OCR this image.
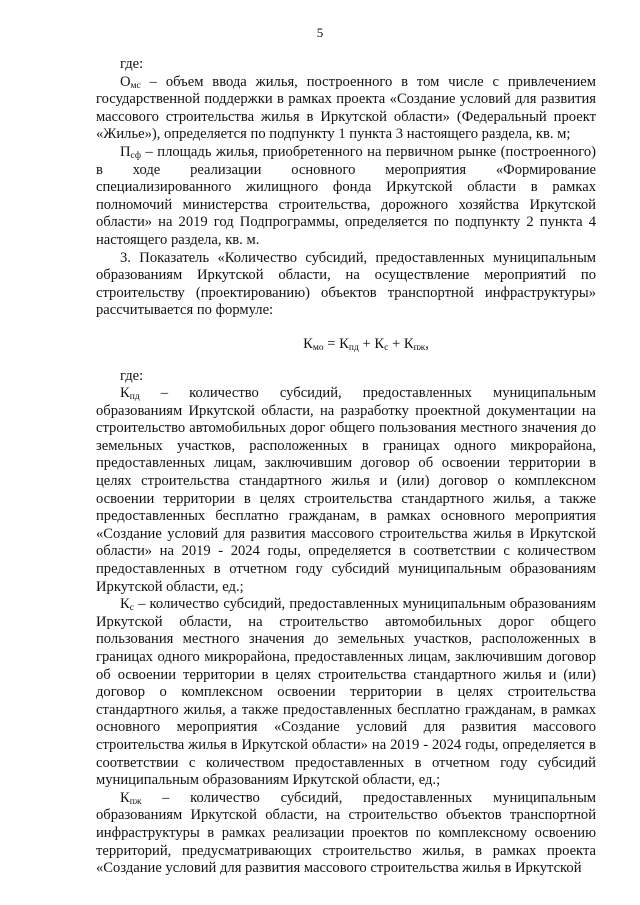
5

где:

$О_{мс}$ – объем ввода жилья, построенного в том числе с привлечением государственной поддержки в рамках проекта «Создание условий для развития массового строительства жилья в Иркутской области» (Федеральный проект «Жилье»), определяется по подпункту 1 пункта 3 настоящего раздела, кв. м;

$П_{сф}$ – площадь жилья, приобретенного на первичном рынке (построенного) в ходе реализации основного мероприятия «Формирование специализированного жилищного фонда Иркутской области в рамках полномочий министерства строительства, дорожного хозяйства Иркутской области» на 2019 год Подпрограммы, определяется по подпункту 2 пункта 4 настоящего раздела, кв. м.

3. Показатель «Количество субсидий, предоставленных муниципальным образованиям Иркутской области, на осуществление мероприятий по строительству (проектированию) объектов транспортной инфраструктуры» рассчитывается по формуле:

$К_{мо} = К_{пд} + К_с + К_{пж}$,

где:

$К_{пд}$ – количество субсидий, предоставленных муниципальным образованиям Иркутской области, на разработку проектной документации на строительство автомобильных дорог общего пользования местного значения до земельных участков, расположенных в границах одного микрорайона, предоставленных лицам, заключившим договор об освоении территории в целях строительства стандартного жилья и (или) договор о комплексном освоении территории в целях строительства стандартного жилья, а также предоставленных бесплатно гражданам, в рамках основного мероприятия «Создание условий для развития массового строительства жилья в Иркутской области» на 2019 - 2024 годы, определяется в соответствии с количеством предоставленных в отчетном году субсидий муниципальным образованиям Иркутской области, ед.;

$К_с$ – количество субсидий, предоставленных муниципальным образованиям Иркутской области, на строительство автомобильных дорог общего пользования местного значения до земельных участков, расположенных в границах одного микрорайона, предоставленных лицам, заключившим договор об освоении территории в целях строительства стандартного жилья и (или) договор о комплексном освоении территории в целях строительства стандартного жилья, а также предоставленных бесплатно гражданам, в рамках основного мероприятия «Создание условий для развития массового строительства жилья в Иркутской области» на 2019 - 2024 годы, определяется в соответствии с количеством предоставленных в отчетном году субсидий муниципальным образованиям Иркутской области, ед.;

$К_{пж}$ – количество субсидий, предоставленных муниципальным образованиям Иркутской области, на строительство объектов транспортной инфраструктуры в рамках реализации проектов по комплексному освоению территорий, предусматривающих строительство жилья, в рамках проекта «Создание условий для развития массового строительства жилья в Иркутской
